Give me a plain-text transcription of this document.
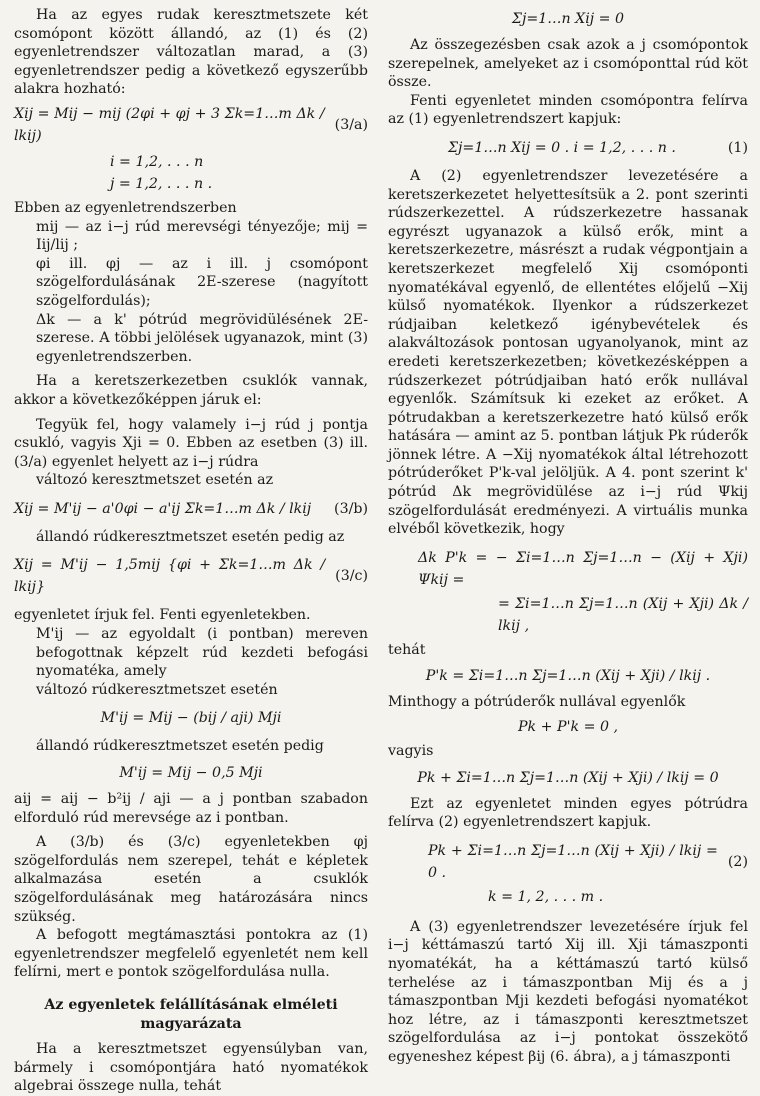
Ha az egyes rudak keresztmetszete két csomópont között állandó, az (1) és (2) egyenletrendszer változatlan marad, a (3) egyenletrendszer pedig a következő egyszerűbb alakra hozható:

Xij = Mij − mij (2φi + φj + 3 Σk=1…m Δk / lkij)
(3/a)
i = 1,2, . . . n
j = 1,2, . . . n .

Ebben az egyenletrendszerben

mij — az i−j rúd merevségi tényezője; mij = Iij/lij ;

φi ill. φj — az i ill. j csomópont szögelfordulásának 2E-szerese (nagyított szögelfordulás);

Δk — a k' pótrúd megrövidülésének 2E-szerese. A többi jelölések ugyanazok, mint (3) egyenletrendszerben.

Ha a keretszerkezetben csuklók vannak, akkor a következőképpen járuk el:

Tegyük fel, hogy valamely i−j rúd j pontja csukló, vagyis Xji = 0. Ebben az esetben (3) ill. (3/a) egyenlet helyett az i−j rúdra

változó keresztmetszet esetén az

Xij = M'ij − a'0φi − a'ij Σk=1…m Δk / lkij	(3/b)

állandó rúdkeresztmetszet esetén pedig az

Xij = M'ij − 1,5mij {φi + Σk=1…m Δk / lkij}
(3/c)

egyenletet írjuk fel. Fenti egyenletekben.

M'ij — az egyoldalt (i pontban) mereven befogottnak képzelt rúd kezdeti befogási nyomatéka, amely

változó rúdkeresztmetszet esetén

M'ij = Mij − (bij / aji) Mji

állandó rúdkeresztmetszet esetén pedig

M'ij = Mij − 0,5 Mji

aij = aij − b²ij / aji — a j pontban szabadon elforduló rúd merevsége az i pontban.

A (3/b) és (3/c) egyenletekben φj szögelfordulás nem szerepel, tehát e képletek alkalmazása esetén a csuklók szögelfordulásának meg határozására nincs szükség.

A befogott megtámasztási pontokra az (1) egyenletrendszer megfelelő egyenletét nem kell felírni, mert e pontok szögelfordulása nulla.

Az egyenletek felállításának elméleti magyarázata

Ha a keresztmetszet egyensúlyban van, bármely i csomópontjára ható nyomatékok algebrai összege nulla, tehát

Σj=1…n Xij = 0

Az összegezésben csak azok a j csomópontok szerepelnek, amelyeket az i csomóponttal rúd köt össze.

Fenti egyenletet minden csomópontra felírva az (1) egyenletrendszert kapjuk:

Σj=1…n Xij = 0 . i = 1,2, . . . n .	(1)

A (2) egyenletrendszer levezetésére a keretszerkezetet helyettesítsük a 2. pont szerinti rúdszerkezettel. A rúdszerkezetre hassanak egyrészt ugyanazok a külső erők, mint a keretszerkezetre, másrészt a rudak végpontjain a keretszerkezet megfelelő Xij csomóponti nyomatékával egyenlő, de ellentétes előjelű −Xij külső nyomatékok. Ilyenkor a rúdszerkezet rúdjaiban keletkező igénybevételek és alakváltozások pontosan ugyanolyanok, mint az eredeti keretszerkezetben; következésképpen a rúdszerkezet pótrúdjaiban ható erők nullával egyenlők. Számítsuk ki ezeket az erőket. A pótrudakban a keretszerkezetre ható külső erők hatására — amint az 5. pontban látjuk Pk rúderők jönnek létre. A −Xij nyomatékok által létrehozott pótrúderőket P'k-val jelöljük. A 4. pont szerint k' pótrúd Δk megrövidülése az i−j rúd Ψkij szögelfordulását eredményezi. A virtuális munka elvéből következik, hogy

Δk P'k = − Σi=1…n Σj=1…n − (Xij + Xji) Ψkij =
= Σi=1…n Σj=1…n (Xij + Xji) Δk / lkij ,

tehát

P'k = Σi=1…n Σj=1…n (Xij + Xji) / lkij .

Minthogy a pótrúderők nullával egyenlők

Pk + P'k = 0 ,

vagyis

Pk + Σi=1…n Σj=1…n (Xij + Xji) / lkij = 0

Ezt az egyenletet minden egyes pótrúdra felírva (2) egyenletrendszert kapjuk.

Pk + Σi=1…n Σj=1…n (Xij + Xji) / lkij = 0 .
(2)
k = 1, 2, . . . m .

A (3) egyenletrendszer levezetésére írjuk fel i−j kéttámaszú tartó Xij ill. Xji támaszponti nyomatékát, ha a kéttámaszú tartó külső terhelése az i támaszpontban Mij és a j támaszpontban Mji kezdeti befogási nyomatékot hoz létre, az i támaszponti keresztmetszet szögelfordulása az i−j pontokat összekötő egyeneshez képest βij (6. ábra), a j támaszponti
